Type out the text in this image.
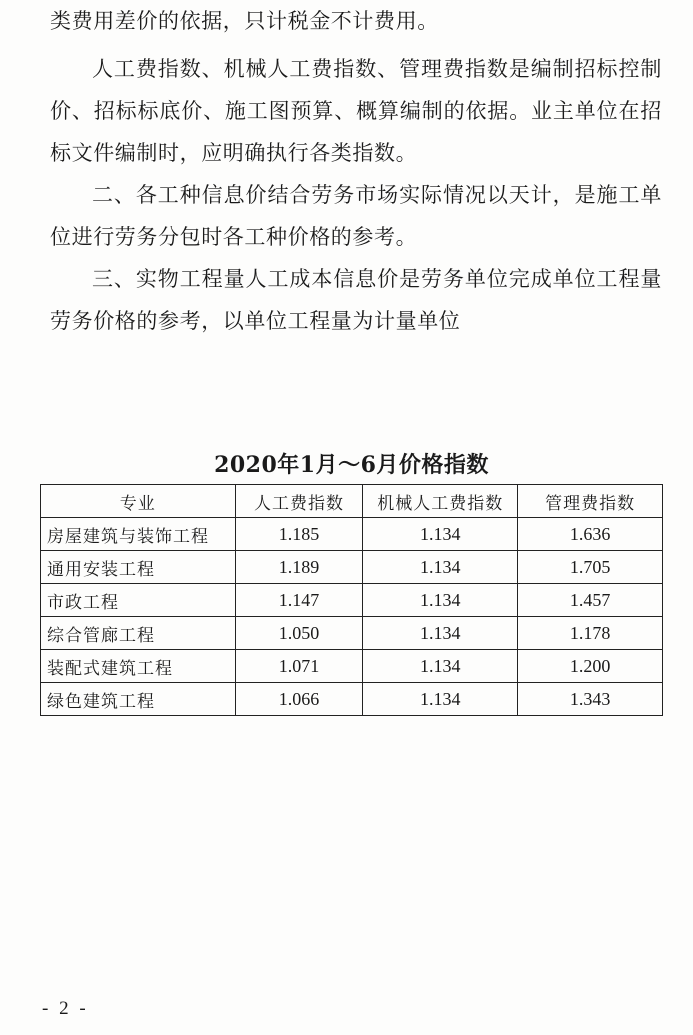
类费用差价的依据，只计税金不计费用。

人工费指数、机械人工费指数、管理费指数是编制招标控制价、招标标底价、施工图预算、概算编制的依据。业主单位在招标文件编制时，应明确执行各类指数。

二、各工种信息价结合劳务市场实际情况以天计，是施工单位进行劳务分包时各工种价格的参考。

三、实物工程量人工成本信息价是劳务单位完成单位工程量劳务价格的参考，以单位工程量为计量单位

2020年1月～6月价格指数
专业	人工费指数	机械人工费指数	管理费指数
房屋建筑与装饰工程	1.185	1.134	1.636
通用安装工程	1.189	1.134	1.705
市政工程	1.147	1.134	1.457
综合管廊工程	1.050	1.134	1.178
装配式建筑工程	1.071	1.134	1.200
绿色建筑工程	1.066	1.134	1.343
- 2 -
